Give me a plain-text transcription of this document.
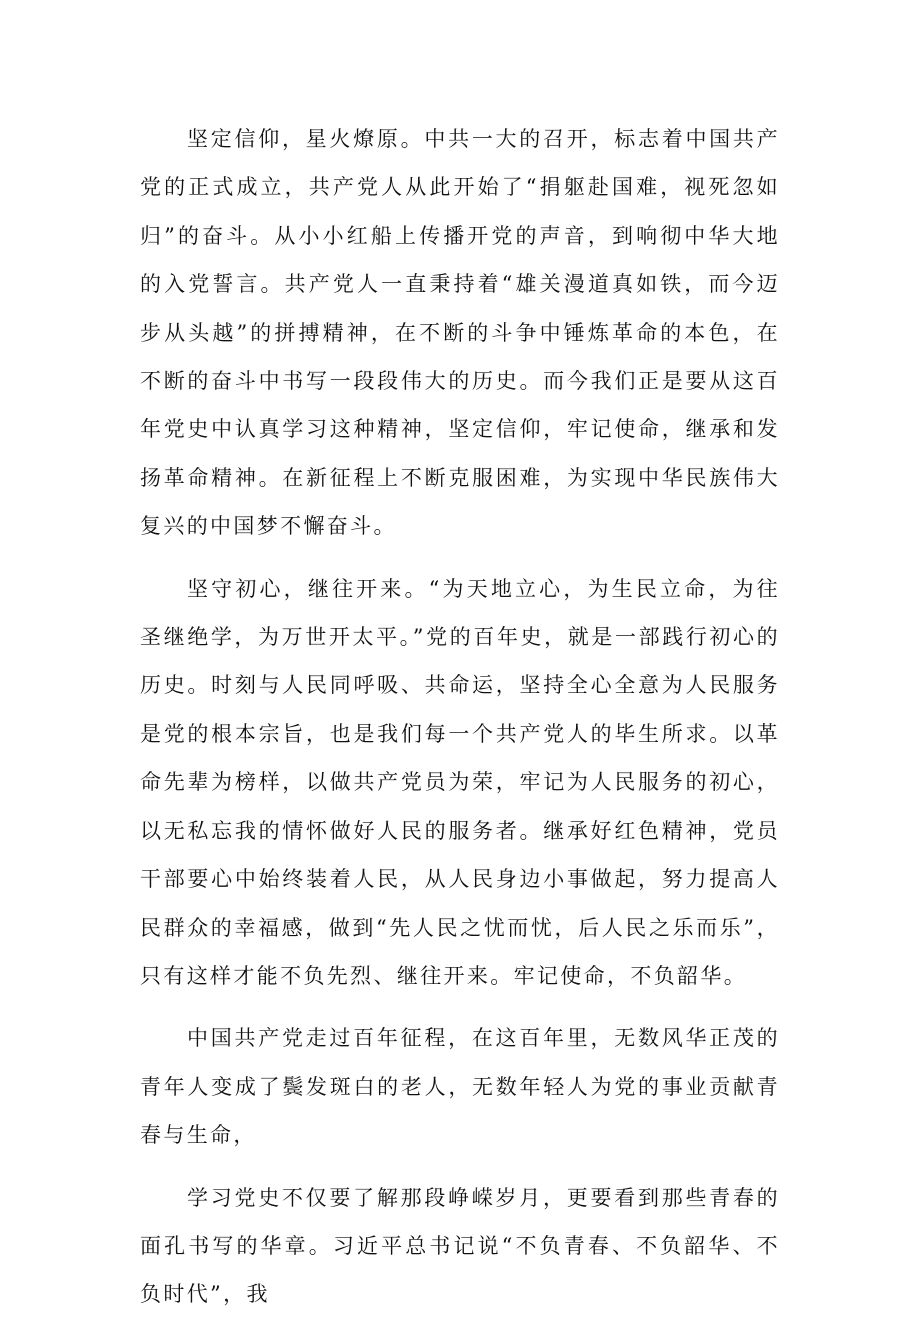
坚定信仰，星火燎原。中共一大的召开，标志着中国共产党的正式成立，共产党人从此开始了“捐躯赴国难，视死忽如归”的奋斗。从小小红船上传播开党的声音，到响彻中华大地的入党誓言。共产党人一直秉持着“雄关漫道真如铁，而今迈步从头越”的拼搏精神，在不断的斗争中锤炼革命的本色，在不断的奋斗中书写一段段伟大的历史。而今我们正是要从这百年党史中认真学习这种精神，坚定信仰，牢记使命，继承和发扬革命精神。在新征程上不断克服困难，为实现中华民族伟大复兴的中国梦不懈奋斗。

坚守初心，继往开来。“为天地立心，为生民立命，为往圣继绝学，为万世开太平。”党的百年史，就是一部践行初心的历史。时刻与人民同呼吸、共命运，坚持全心全意为人民服务是党的根本宗旨，也是我们每一个共产党人的毕生所求。以革命先辈为榜样，以做共产党员为荣，牢记为人民服务的初心，以无私忘我的情怀做好人民的服务者。继承好红色精神，党员干部要心中始终装着人民，从人民身边小事做起，努力提高人民群众的幸福感，做到“先人民之忧而忧，后人民之乐而乐”，只有这样才能不负先烈、继往开来。牢记使命，不负韶华。

中国共产党走过百年征程，在这百年里，无数风华正茂的青年人变成了鬓发斑白的老人，无数年轻人为党的事业贡献青春与生命，

学习党史不仅要了解那段峥嵘岁月，更要看到那些青春的面孔书写的华章。习近平总书记说“不负青春、不负韶华、不负时代”，我
